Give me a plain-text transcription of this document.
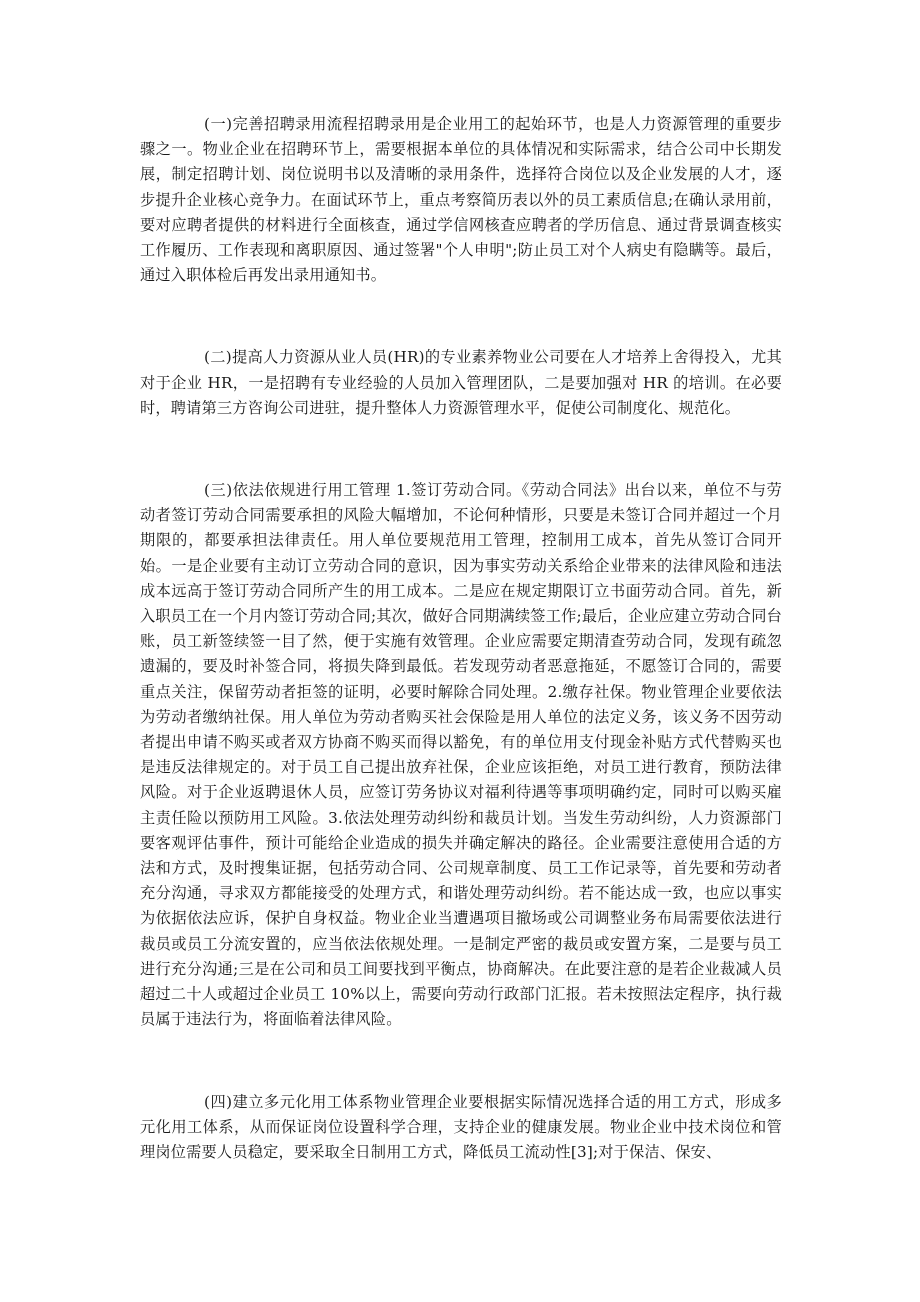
(一)完善招聘录用流程招聘录用是企业用工的起始环节，也是人力资源管理的重要步骤之一。物业企业在招聘环节上，需要根据本单位的具体情况和实际需求，结合公司中长期发展，制定招聘计划、岗位说明书以及清晰的录用条件，选择符合岗位以及企业发展的人才，逐步提升企业核心竞争力。在面试环节上，重点考察简历表以外的员工素质信息;在确认录用前，要对应聘者提供的材料进行全面核查，通过学信网核查应聘者的学历信息、通过背景调查核实工作履历、工作表现和离职原因、通过签署"个人申明";防止员工对个人病史有隐瞒等。最后，通过入职体检后再发出录用通知书。

(二)提高人力资源从业人员(HR)的专业素养物业公司要在人才培养上舍得投入，尤其对于企业 HR，一是招聘有专业经验的人员加入管理团队，二是要加强对 HR 的培训。在必要时，聘请第三方咨询公司进驻，提升整体人力资源管理水平，促使公司制度化、规范化。

(三)依法依规进行用工管理 1.签订劳动合同。《劳动合同法》出台以来，单位不与劳动者签订劳动合同需要承担的风险大幅增加，不论何种情形，只要是未签订合同并超过一个月期限的，都要承担法律责任。用人单位要规范用工管理，控制用工成本，首先从签订合同开始。一是企业要有主动订立劳动合同的意识，因为事实劳动关系给企业带来的法律风险和违法成本远高于签订劳动合同所产生的用工成本。二是应在规定期限订立书面劳动合同。首先，新入职员工在一个月内签订劳动合同;其次，做好合同期满续签工作;最后，企业应建立劳动合同台账，员工新签续签一目了然，便于实施有效管理。企业应需要定期清查劳动合同，发现有疏忽遗漏的，要及时补签合同，将损失降到最低。若发现劳动者恶意拖延，不愿签订合同的，需要重点关注，保留劳动者拒签的证明，必要时解除合同处理。2.缴存社保。物业管理企业要依法为劳动者缴纳社保。用人单位为劳动者购买社会保险是用人单位的法定义务，该义务不因劳动者提出申请不购买或者双方协商不购买而得以豁免，有的单位用支付现金补贴方式代替购买也是违反法律规定的。对于员工自己提出放弃社保，企业应该拒绝，对员工进行教育，预防法律风险。对于企业返聘退休人员，应签订劳务协议对福利待遇等事项明确约定，同时可以购买雇主责任险以预防用工风险。3.依法处理劳动纠纷和裁员计划。当发生劳动纠纷，人力资源部门要客观评估事件，预计可能给企业造成的损失并确定解决的路径。企业需要注意使用合适的方法和方式，及时搜集证据，包括劳动合同、公司规章制度、员工工作记录等，首先要和劳动者充分沟通，寻求双方都能接受的处理方式，和谐处理劳动纠纷。若不能达成一致，也应以事实为依据依法应诉，保护自身权益。物业企业当遭遇项目撤场或公司调整业务布局需要依法进行裁员或员工分流安置的，应当依法依规处理。一是制定严密的裁员或安置方案，二是要与员工进行充分沟通;三是在公司和员工间要找到平衡点，协商解决。在此要注意的是若企业裁减人员超过二十人或超过企业员工 10%以上，需要向劳动行政部门汇报。若未按照法定程序，执行裁员属于违法行为，将面临着法律风险。

(四)建立多元化用工体系物业管理企业要根据实际情况选择合适的用工方式，形成多元化用工体系，从而保证岗位设置科学合理，支持企业的健康发展。物业企业中技术岗位和管理岗位需要人员稳定，要采取全日制用工方式，降低员工流动性[3];对于保洁、保安、
